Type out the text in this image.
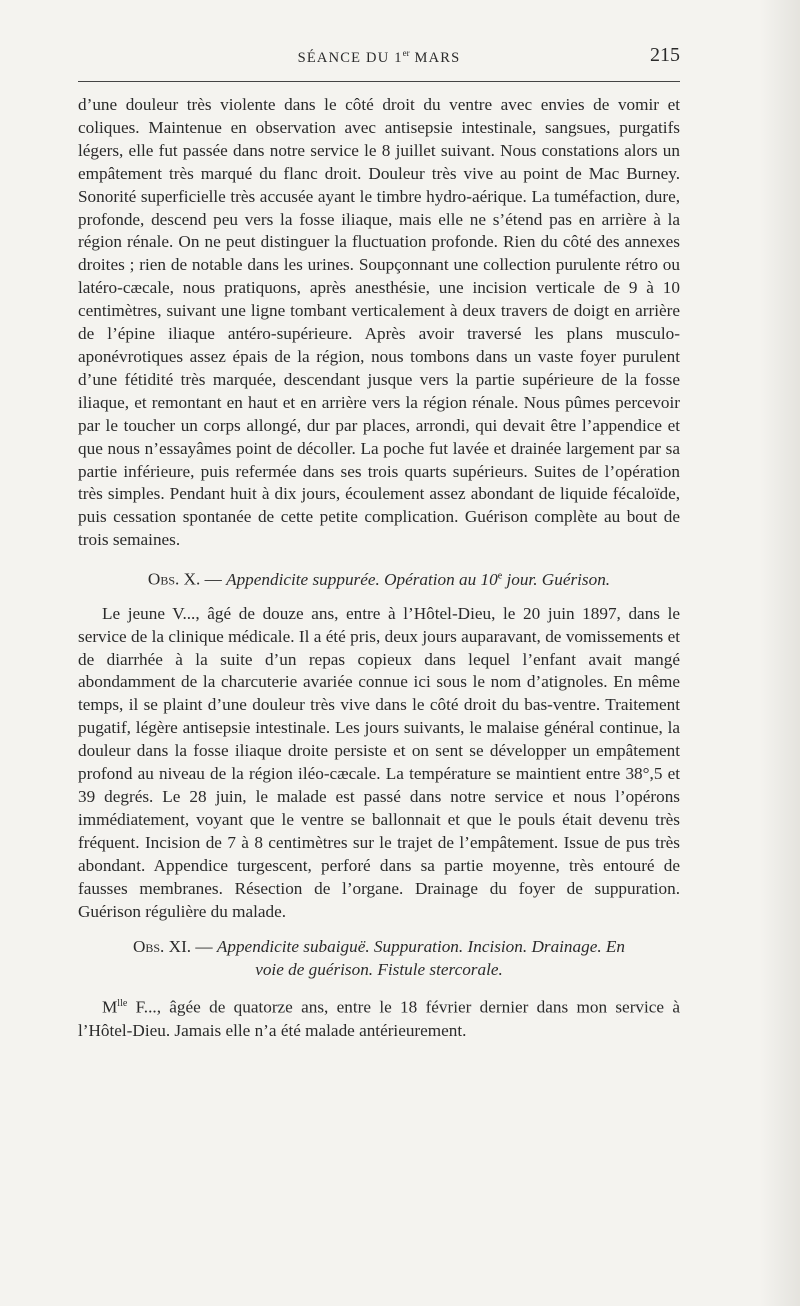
SÉANCE DU 1er MARS	215

d’une douleur très violente dans le côté droit du ventre avec envies de vomir et coliques. Maintenue en observation avec antisepsie intestinale, sangsues, purgatifs légers, elle fut passée dans notre service le 8 juillet suivant. Nous constations alors un empâtement très marqué du flanc droit. Douleur très vive au point de Mac Burney. Sonorité superficielle très accusée ayant le timbre hydro-aérique. La tuméfaction, dure, profonde, descend peu vers la fosse iliaque, mais elle ne s’étend pas en arrière à la région rénale. On ne peut distinguer la fluctuation profonde. Rien du côté des annexes droites ; rien de notable dans les urines. Soupçonnant une collection purulente rétro ou latéro-cæcale, nous pratiquons, après anesthésie, une incision verticale de 9 à 10 centimètres, suivant une ligne tombant verticalement à deux travers de doigt en arrière de l’épine iliaque antéro-supérieure. Après avoir traversé les plans musculo-aponévrotiques assez épais de la région, nous tombons dans un vaste foyer purulent d’une fétidité très marquée, descendant jusque vers la partie supérieure de la fosse iliaque, et remontant en haut et en arrière vers la région rénale. Nous pûmes percevoir par le toucher un corps allongé, dur par places, arrondi, qui devait être l’appendice et que nous n’essayâmes point de décoller. La poche fut lavée et drainée largement par sa partie inférieure, puis refermée dans ses trois quarts supérieurs. Suites de l’opération très simples. Pendant huit à dix jours, écoulement assez abondant de liquide fécaloïde, puis cessation spontanée de cette petite complication. Guérison complète au bout de trois semaines.

Obs. X. — Appendicite suppurée. Opération au 10e jour. Guérison.

Le jeune V..., âgé de douze ans, entre à l’Hôtel-Dieu, le 20 juin 1897, dans le service de la clinique médicale. Il a été pris, deux jours auparavant, de vomissements et de diarrhée à la suite d’un repas copieux dans lequel l’enfant avait mangé abondamment de la charcuterie avariée connue ici sous le nom d’atignoles. En même temps, il se plaint d’une douleur très vive dans le côté droit du bas-ventre. Traitement pugatif, légère antisepsie intestinale. Les jours suivants, le malaise général continue, la douleur dans la fosse iliaque droite persiste et on sent se développer un empâtement profond au niveau de la région iléo-cæcale. La température se maintient entre 38°,5 et 39 degrés. Le 28 juin, le malade est passé dans notre service et nous l’opérons immédiatement, voyant que le ventre se ballonnait et que le pouls était devenu très fréquent. Incision de 7 à 8 centimètres sur le trajet de l’empâtement. Issue de pus très abondant. Appendice turgescent, perforé dans sa partie moyenne, très entouré de fausses membranes. Résection de l’organe. Drainage du foyer de suppuration. Guérison régulière du malade.

Obs. XI. — Appendicite subaiguë. Suppuration. Incision. Drainage. En
voie de guérison. Fistule stercorale.

$M^{lle}$ F..., âgée de quatorze ans, entre le 18 février dernier dans mon service à l’Hôtel-Dieu. Jamais elle n’a été malade antérieurement.
